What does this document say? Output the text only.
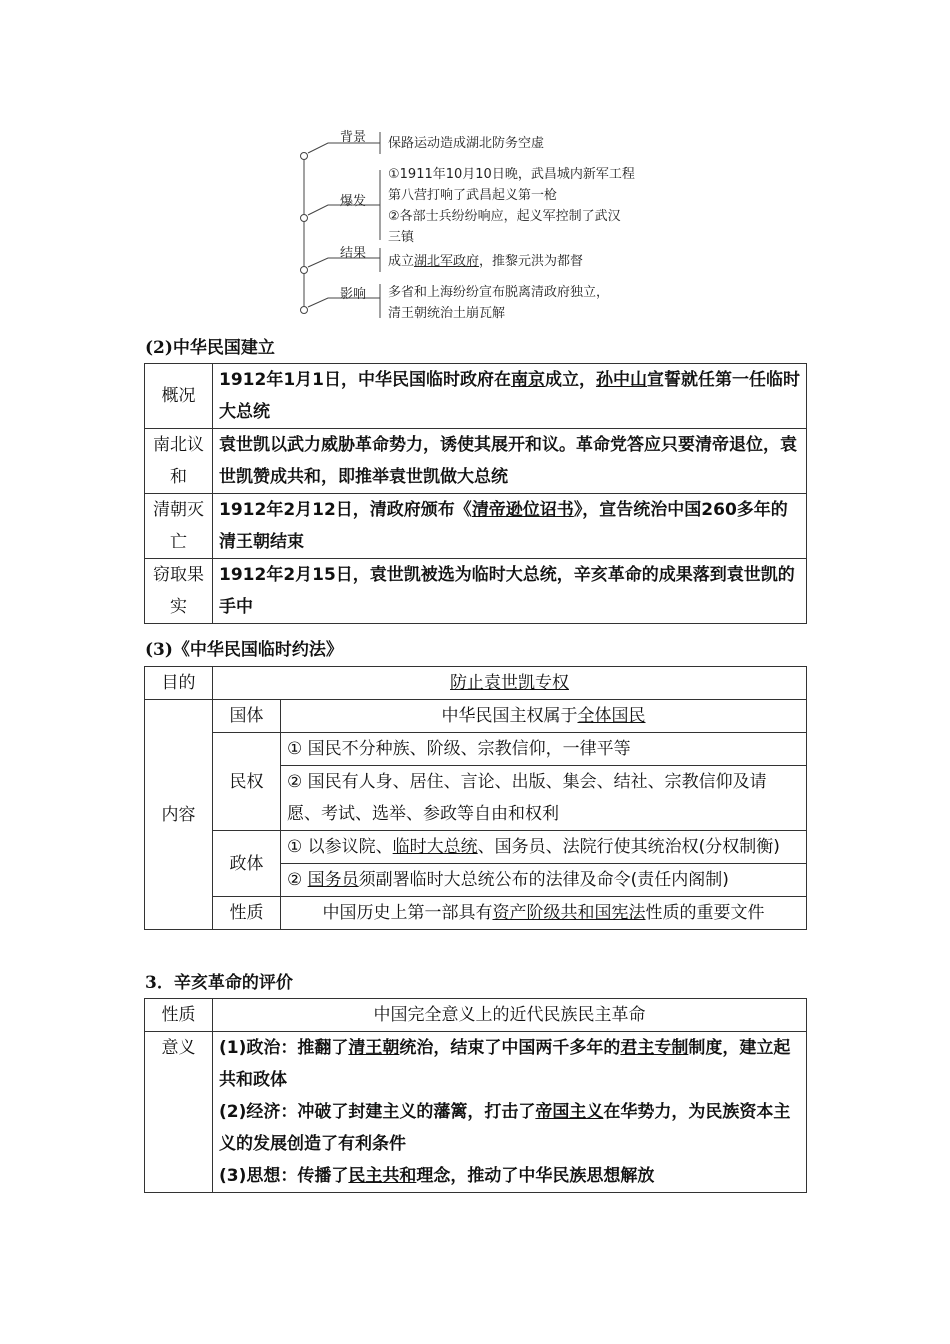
背景
爆发
结果
影响
保路运动造成湖北防务空虚
①1911年10月10日晚，武昌城内新军工程
第八营打响了武昌起义第一枪
②各部士兵纷纷响应，起义军控制了武汉
三镇
成立湖北军政府，推黎元洪为都督
多省和上海纷纷宣布脱离清政府独立，
清王朝统治土崩瓦解
(2)中华民国建立
概况	1912年1月1日，中华民国临时政府在南京成立，孙中山宣誓就任第一任临时大总统
南北议和	袁世凯以武力威胁革命势力，诱使其展开和议。革命党答应只要清帝退位，袁世凯赞成共和，即推举袁世凯做大总统
清朝灭亡	1912年2月12日，清政府颁布《清帝逊位诏书》，宣告统治中国260多年的清王朝结束
窃取果实	1912年2月15日，袁世凯被选为临时大总统，辛亥革命的成果落到袁世凯的手中
(3)《中华民国临时约法》
目的	防止袁世凯专权	
内容	国体	中华民国主权属于全体国民
	民权	① 国民不分种族、阶级、宗教信仰，一律平等
		② 国民有人身、居住、言论、出版、集会、结社、宗教信仰及请愿、考试、选举、参政等自由和权利
	政体	① 以参议院、临时大总统、国务员、法院行使其统治权(分权制衡)
		② 国务员须副署临时大总统公布的法律及命令(责任内阁制)
	性质	中国历史上第一部具有资产阶级共和国宪法性质的重要文件
3．辛亥革命的评价
性质	中国完全意义上的近代民族民主革命
意义	(1)政治：推翻了清王朝统治，结束了中国两千多年的君主专制制度，建立起共和政体
(2)经济：冲破了封建主义的藩篱，打击了帝国主义在华势力，为民族资本主义的发展创造了有利条件
(3)思想：传播了民主共和理念，推动了中华民族思想解放
